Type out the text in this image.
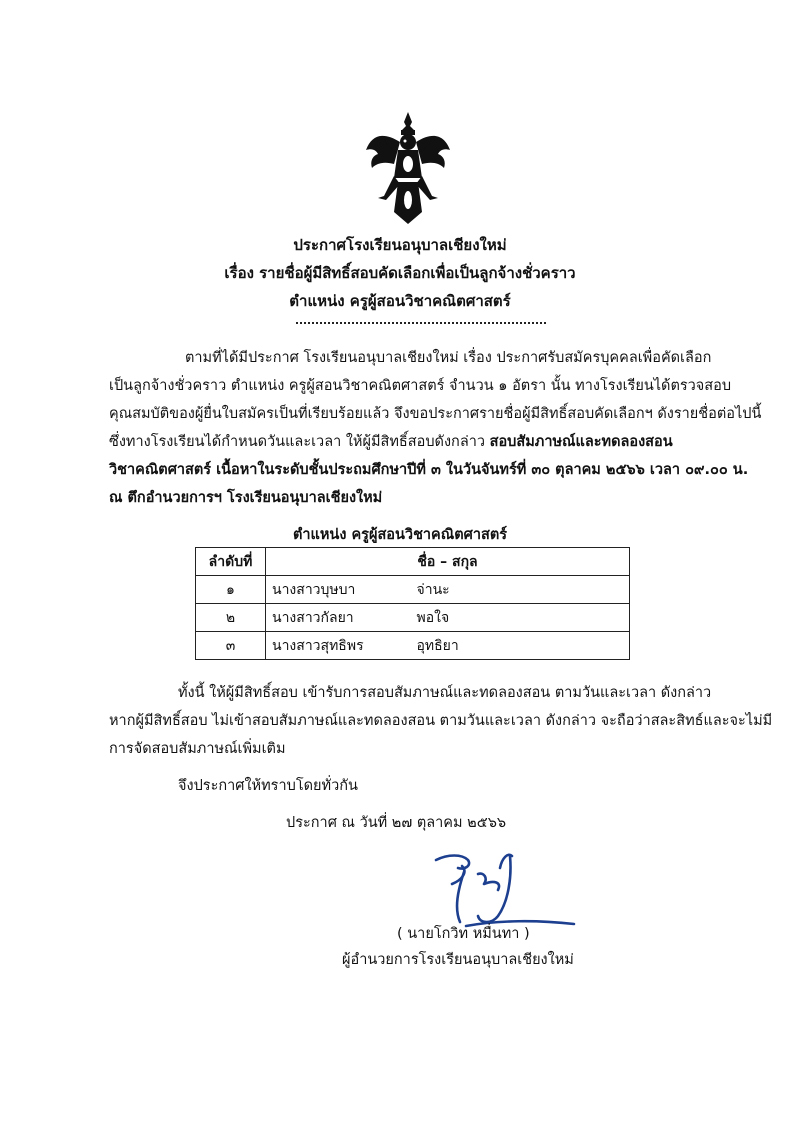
ประกาศโรงเรียนอนุบาลเชียงใหม่
เรื่อง รายชื่อผู้มีสิทธิ์สอบคัดเลือกเพื่อเป็นลูกจ้างชั่วคราว
ตำแหน่ง ครูผู้สอนวิชาคณิตศาสตร์
ตามที่ได้มีประกาศ โรงเรียนอนุบาลเชียงใหม่ เรื่อง ประกาศรับสมัครบุคคลเพื่อคัดเลือก
เป็นลูกจ้างชั่วคราว ตำแหน่ง ครูผู้สอนวิชาคณิตศาสตร์ จำนวน ๑ อัตรา นั้น ทางโรงเรียนได้ตรวจสอบ
คุณสมบัติของผู้ยื่นใบสมัครเป็นที่เรียบร้อยแล้ว จึงขอประกาศรายชื่อผู้มีสิทธิ์สอบคัดเลือกฯ ดังรายชื่อต่อไปนี้
ซึ่งทางโรงเรียนได้กำหนดวันและเวลา ให้ผู้มีสิทธิ์สอบดังกล่าว สอบสัมภาษณ์และทดลองสอน
วิชาคณิตศาสตร์ เนื้อหาในระดับชั้นประถมศึกษาปีที่ ๓ ในวันจันทร์ที่ ๓๐ ตุลาคม ๒๕๖๖ เวลา ๐๙.๐๐ น.
ณ ตึกอำนวยการฯ โรงเรียนอนุบาลเชียงใหม่
ตำแหน่ง ครูผู้สอนวิชาคณิตศาสตร์
ลำดับที่	ชื่อ – สกุล	
๑	นางสาวบุษบา	จ่านะ
๒	นางสาวกัลยา	พอใจ
๓	นางสาวสุทธิพร	อุทธิยา
ทั้งนี้ ให้ผู้มีสิทธิ์สอบ เข้ารับการสอบสัมภาษณ์และทดลองสอน ตามวันและเวลา ดังกล่าว
หากผู้มีสิทธิ์สอบ ไม่เข้าสอบสัมภาษณ์และทดลองสอน ตามวันและเวลา ดังกล่าว จะถือว่าสละสิทธ์และจะไม่มี
การจัดสอบสัมภาษณ์เพิ่มเติม
จึงประกาศให้ทราบโดยทั่วกัน
ประกาศ ณ วันที่ ๒๗ ตุลาคม ๒๕๖๖
( นายโกวิท หมื่นทา )
ผู้อำนวยการโรงเรียนอนุบาลเชียงใหม่
